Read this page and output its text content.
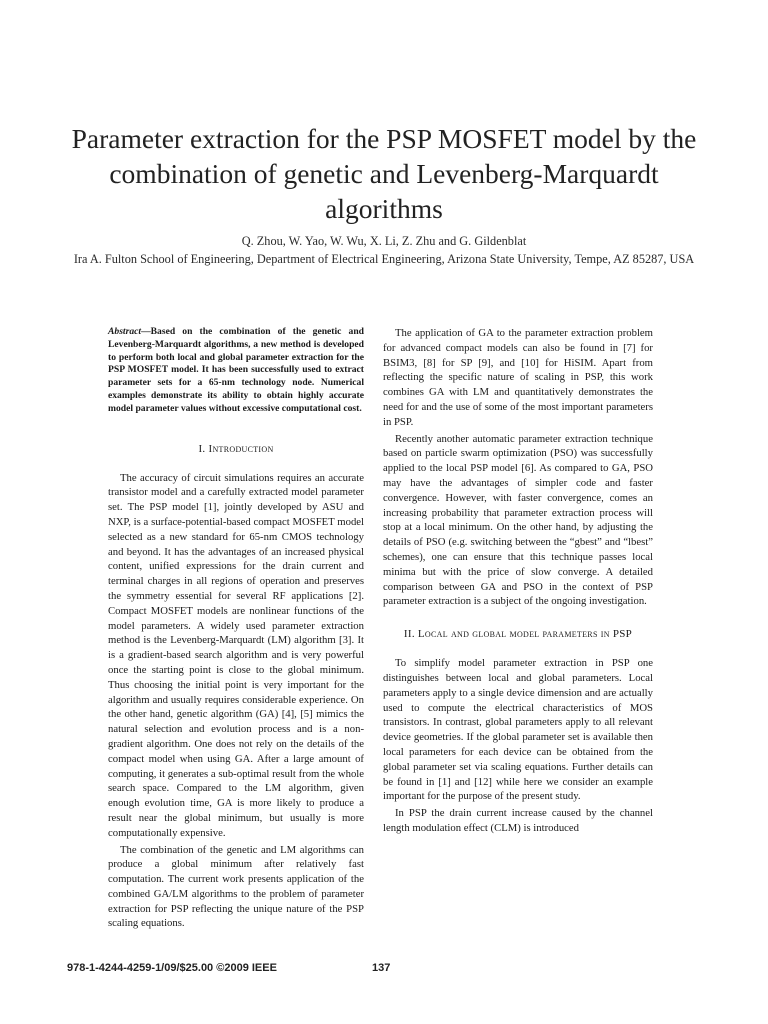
Parameter extraction for the PSP MOSFET model by the combination of genetic and Levenberg-Marquardt algorithms
Q. Zhou, W. Yao, W. Wu, X. Li, Z. Zhu and G. Gildenblat
Ira A. Fulton School of Engineering, Department of Electrical Engineering, Arizona State University, Tempe, AZ 85287, USA
Abstract—Based on the combination of the genetic and Levenberg-Marquardt algorithms, a new method is developed to perform both local and global parameter extraction for the PSP MOSFET model. It has been successfully used to extract parameter sets for a 65-nm technology node. Numerical examples demonstrate its ability to obtain highly accurate model parameter values without excessive computational cost.
I. Introduction

The accuracy of circuit simulations requires an accurate transistor model and a carefully extracted model parameter set. The PSP model [1], jointly developed by ASU and NXP, is a surface-potential-based compact MOSFET model selected as a new standard for 65-nm CMOS technology and beyond. It has the advantages of an increased physical content, unified expressions for the drain current and terminal charges in all regions of operation and preserves the symmetry essential for several RF applications [2]. Compact MOSFET models are nonlinear functions of the model parameters. A widely used parameter extraction method is the Levenberg-Marquardt (LM) algorithm [3]. It is a gradient-based search algorithm and is very powerful once the starting point is close to the global minimum. Thus choosing the initial point is very important for the algorithm and usually requires considerable experience. On the other hand, genetic algorithm (GA) [4], [5] mimics the natural selection and evolution process and is a non-gradient algorithm. One does not rely on the details of the compact model when using GA. After a large amount of computing, it generates a sub-optimal result from the whole search space. Compared to the LM algorithm, given enough evolution time, GA is more likely to produce a result near the global minimum, but usually is more computationally expensive.

The combination of the genetic and LM algorithms can produce a global minimum after relatively fast computation. The current work presents application of the combined GA/LM algorithms to the problem of parameter extraction for PSP reflecting the unique nature of the PSP scaling equations.

The application of GA to the parameter extraction problem for advanced compact models can also be found in [7] for BSIM3, [8] for SP [9], and [10] for HiSIM. Apart from reflecting the specific nature of scaling in PSP, this work combines GA with LM and quantitatively demonstrates the need for and the use of some of the most important parameters in PSP.

Recently another automatic parameter extraction technique based on particle swarm optimization (PSO) was successfully applied to the local PSP model [6]. As compared to GA, PSO may have the advantages of simpler code and faster convergence. However, with faster convergence, comes an increasing probability that parameter extraction process will stop at a local minimum. On the other hand, by adjusting the details of PSO (e.g. switching between the “gbest” and “lbest” schemes), one can ensure that this technique passes local minima but with the price of slow converge. A detailed comparison between GA and PSO in the context of PSP parameter extraction is a subject of the ongoing investigation.

II. Local and global model parameters in PSP

To simplify model parameter extraction in PSP one distinguishes between local and global parameters. Local parameters apply to a single device dimension and are actually used to compute the electrical characteristics of MOS transistors. In contrast, global parameters apply to all relevant device geometries. If the global parameter set is available then local parameters for each device can be obtained from the global parameter set via scaling equations. Further details can be found in [1] and [12] while here we consider an example important for the purpose of the present study.

In PSP the drain current increase caused by the channel length modulation effect (CLM) is introduced

978-1-4244-4259-1/09/$25.00 ©2009 IEEE	137
